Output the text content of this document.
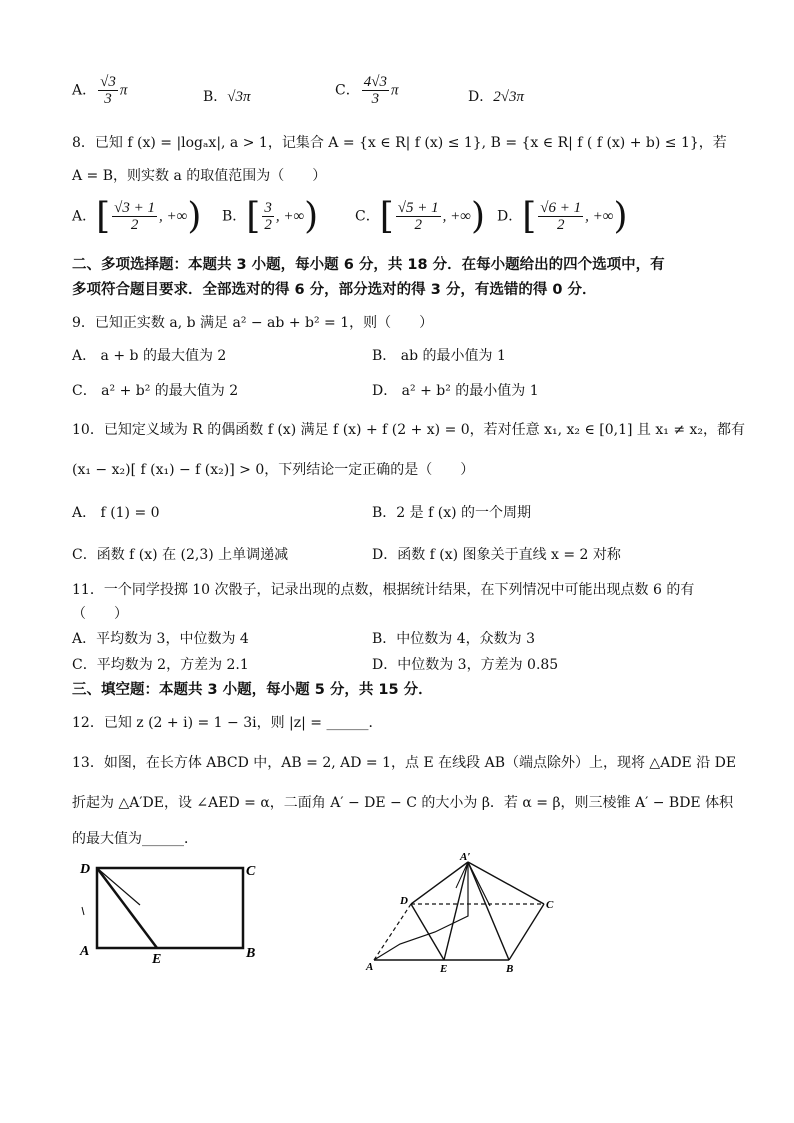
A． $\frac{√3}{3}$ π	B．√3π	C． $\frac{4√3}{3}$ π	D．2√3π
8．已知 f (x) = |logₐx|, a > 1，记集合 A = {x ∈ R| f (x) ≤ 1}, B = {x ∈ R| f ( f (x) + b) ≤ 1}，若
A = B，则实数 a 的取值范围为（　　）
A．[ $\frac{√3 + 1}{2}$ , +∞) B．[ $\frac{3}{2}$ , +∞)	C．[ $\frac{√5 + 1}{2}$ , +∞) D．[ $\frac{√6 + 1}{2}$ , +∞)
二、多项选择题：本题共 3 小题，每小题 6 分，共 18 分．在每小题给出的四个选项中，有
多项符合题目要求．全部选对的得 6 分，部分选对的得 3 分，有选错的得 0 分．
9．已知正实数 a, b 满足 a² − ab + b² = 1，则（　　）
A． a + b 的最大值为 2	B． ab 的最小值为 1
C． a² + b² 的最大值为 2	D． a² + b² 的最小值为 1
10．已知定义域为 R 的偶函数 f (x) 满足 f (x) + f (2 + x) = 0，若对任意 x₁, x₂ ∈ [0,1] 且 x₁ ≠ x₂，都有
(x₁ − x₂)[ f (x₁) − f (x₂)] > 0，下列结论一定正确的是（　　）
A． f (1) = 0	B．2 是 f (x) 的一个周期
C．函数 f (x) 在 (2,3) 上单调递减	D．函数 f (x) 图象关于直线 x = 2 对称
11．一个同学投掷 10 次骰子，记录出现的点数，根据统计结果，在下列情况中可能出现点数 6 的有
（　　）
A．平均数为 3，中位数为 4	B．中位数为 4，众数为 3
C．平均数为 2，方差为 2.1	D．中位数为 3，方差为 0.85
三、填空题：本题共 3 小题，每小题 5 分，共 15 分．
12．已知 z (2 + i) = 1 − 3i，则 |z| = ______．
13．如图，在长方体 ABCD 中，AB = 2, AD = 1，点 E 在线段 AB（端点除外）上，现将 △ADE 沿 DE
折起为 △A′DE，设 ∠AED = α，二面角 A′ − DE − C 的大小为 β．若 α = β，则三棱锥 A′ − BDE 体积
的最大值为______．
D	C
A
E	B
A′
D	C
A	E	B
